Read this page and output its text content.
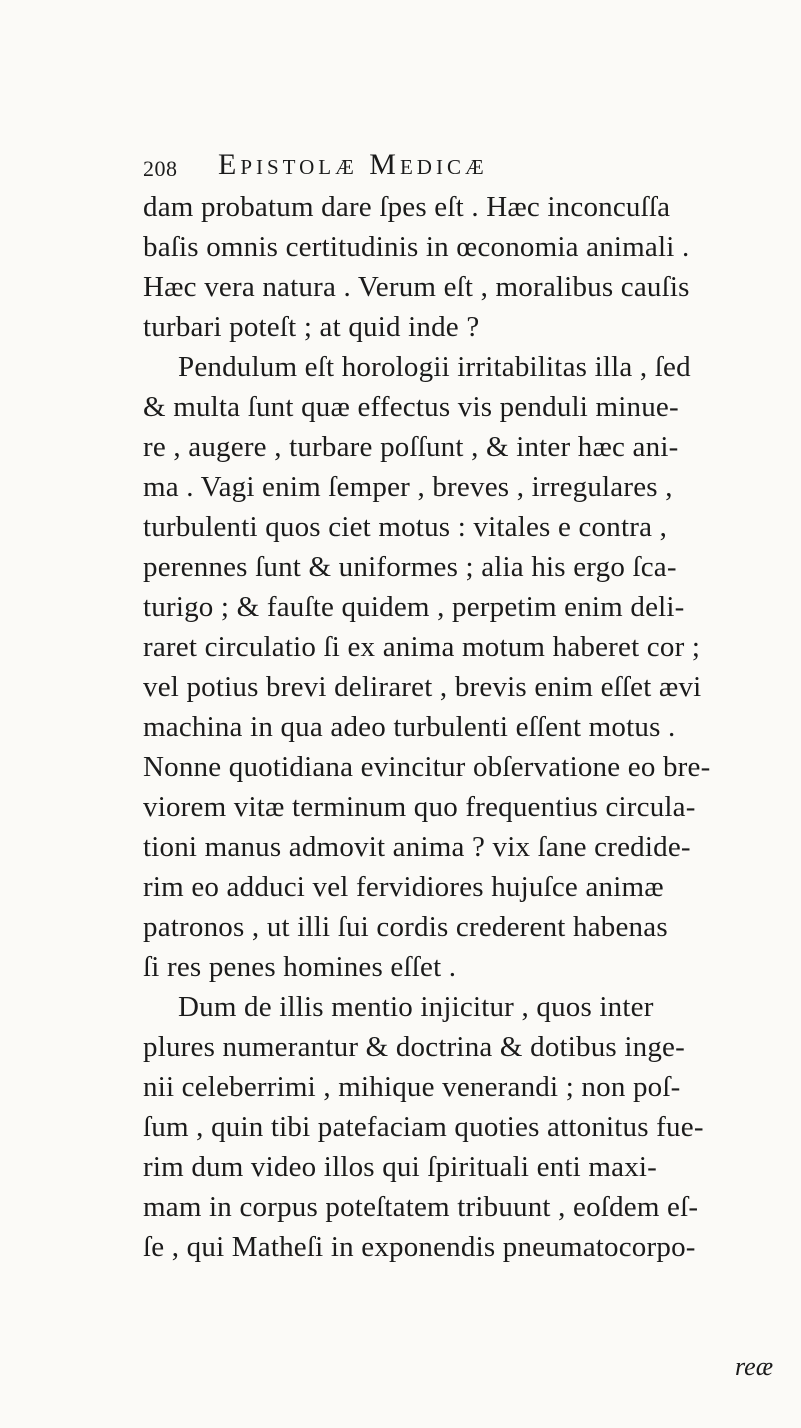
208 Epistolæ Medicæ
dam probatum dare ſpes eſt . Hæc inconcuſſa
baſis omnis certitudinis in œconomia animali .
Hæc vera natura . Verum eſt , moralibus cauſis
turbari poteſt ; at quid inde ?
Pendulum eſt horologii irritabilitas illa , ſed
& multa ſunt quæ effectus vis penduli minue-
re , augere , turbare poſſunt , & inter hæc ani-
ma . Vagi enim ſemper , breves , irregulares ,
turbulenti quos ciet motus : vitales e contra ,
perennes ſunt & uniformes ; alia his ergo ſca-
turigo ; & fauſte quidem , perpetim enim deli-
raret circulatio ſi ex anima motum haberet cor ;
vel potius brevi deliraret , brevis enim eſſet ævi
machina in qua adeo turbulenti eſſent motus .
Nonne quotidiana evincitur obſervatione eo bre-
viorem vitæ terminum quo frequentius circula-
tioni manus admovit anima ? vix ſane credide-
rim eo adduci vel fervidiores hujuſce animæ
patronos , ut illi ſui cordis crederent habenas
ſi res penes homines eſſet .
Dum de illis mentio injicitur , quos inter
plures numerantur & doctrina & dotibus inge-
nii celeberrimi , mihique venerandi ; non poſ-
ſum , quin tibi patefaciam quoties attonitus fue-
rim dum video illos qui ſpirituali enti maxi-
mam in corpus poteſtatem tribuunt , eoſdem eſ-
ſe , qui Matheſi in exponendis pneumatocorpo-
reæ
